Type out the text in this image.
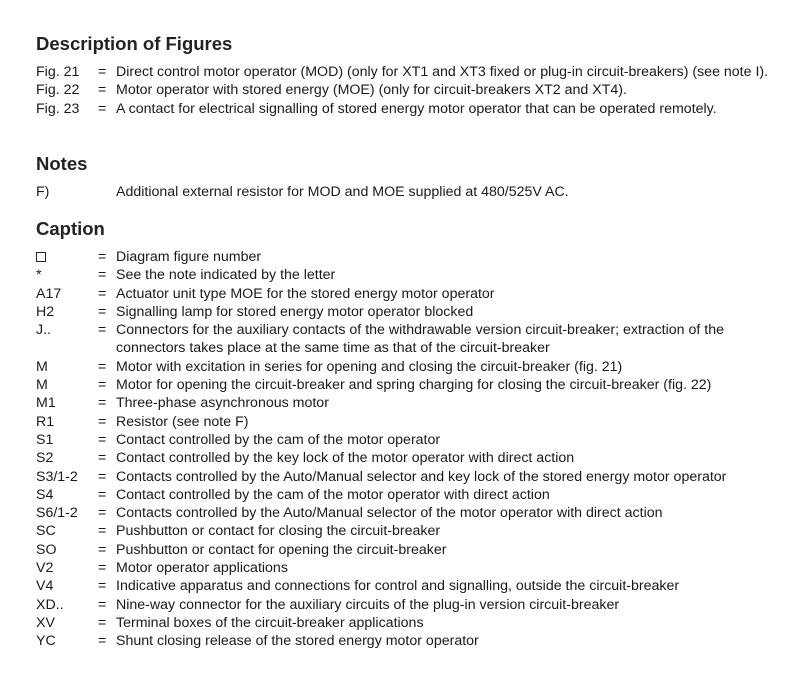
Description of Figures
Fig. 21 = Direct control motor operator (MOD) (only for XT1 and XT3 fixed or plug-in circuit-breakers) (see note I).
Fig. 22 = Motor operator with stored energy (MOE) (only for circuit-breakers XT2 and XT4).
Fig. 23 = A contact for electrical signalling of stored energy motor operator that can be operated remotely.
Notes
F)	Additional external resistor for MOD and MOE supplied at 480/525V AC.
Caption
= Diagram figure number
*	= See the note indicated by the letter
A17	= Actuator unit type MOE for the stored energy motor operator
H2	= Signalling lamp for stored energy motor operator blocked
J..	= Connectors for the auxiliary contacts of the withdrawable version circuit-breaker; extraction of the connectors takes place at the same time as that of the circuit-breaker
M	= Motor with excitation in series for opening and closing the circuit-breaker (fig. 21)
M	= Motor for opening the circuit-breaker and spring charging for closing the circuit-breaker (fig. 22)
M1	= Three-phase asynchronous motor
R1	= Resistor (see note F)
S1	= Contact controlled by the cam of the motor operator
S2	= Contact controlled by the key lock of the motor operator with direct action
S3/1-2 = Contacts controlled by the Auto/Manual selector and key lock of the stored energy motor operator
S4	= Contact controlled by the cam of the motor operator with direct action
S6/1-2 = Contacts controlled by the Auto/Manual selector of the motor operator with direct action
SC	= Pushbutton or contact for closing the circuit-breaker
SO	= Pushbutton or contact for opening the circuit-breaker
V2	= Motor operator applications
V4	= Indicative apparatus and connections for control and signalling, outside the circuit-breaker
XD.. = Nine-way connector for the auxiliary circuits of the plug-in version circuit-breaker
XV	= Terminal boxes of the circuit-breaker applications
YC	= Shunt closing release of the stored energy motor operator
